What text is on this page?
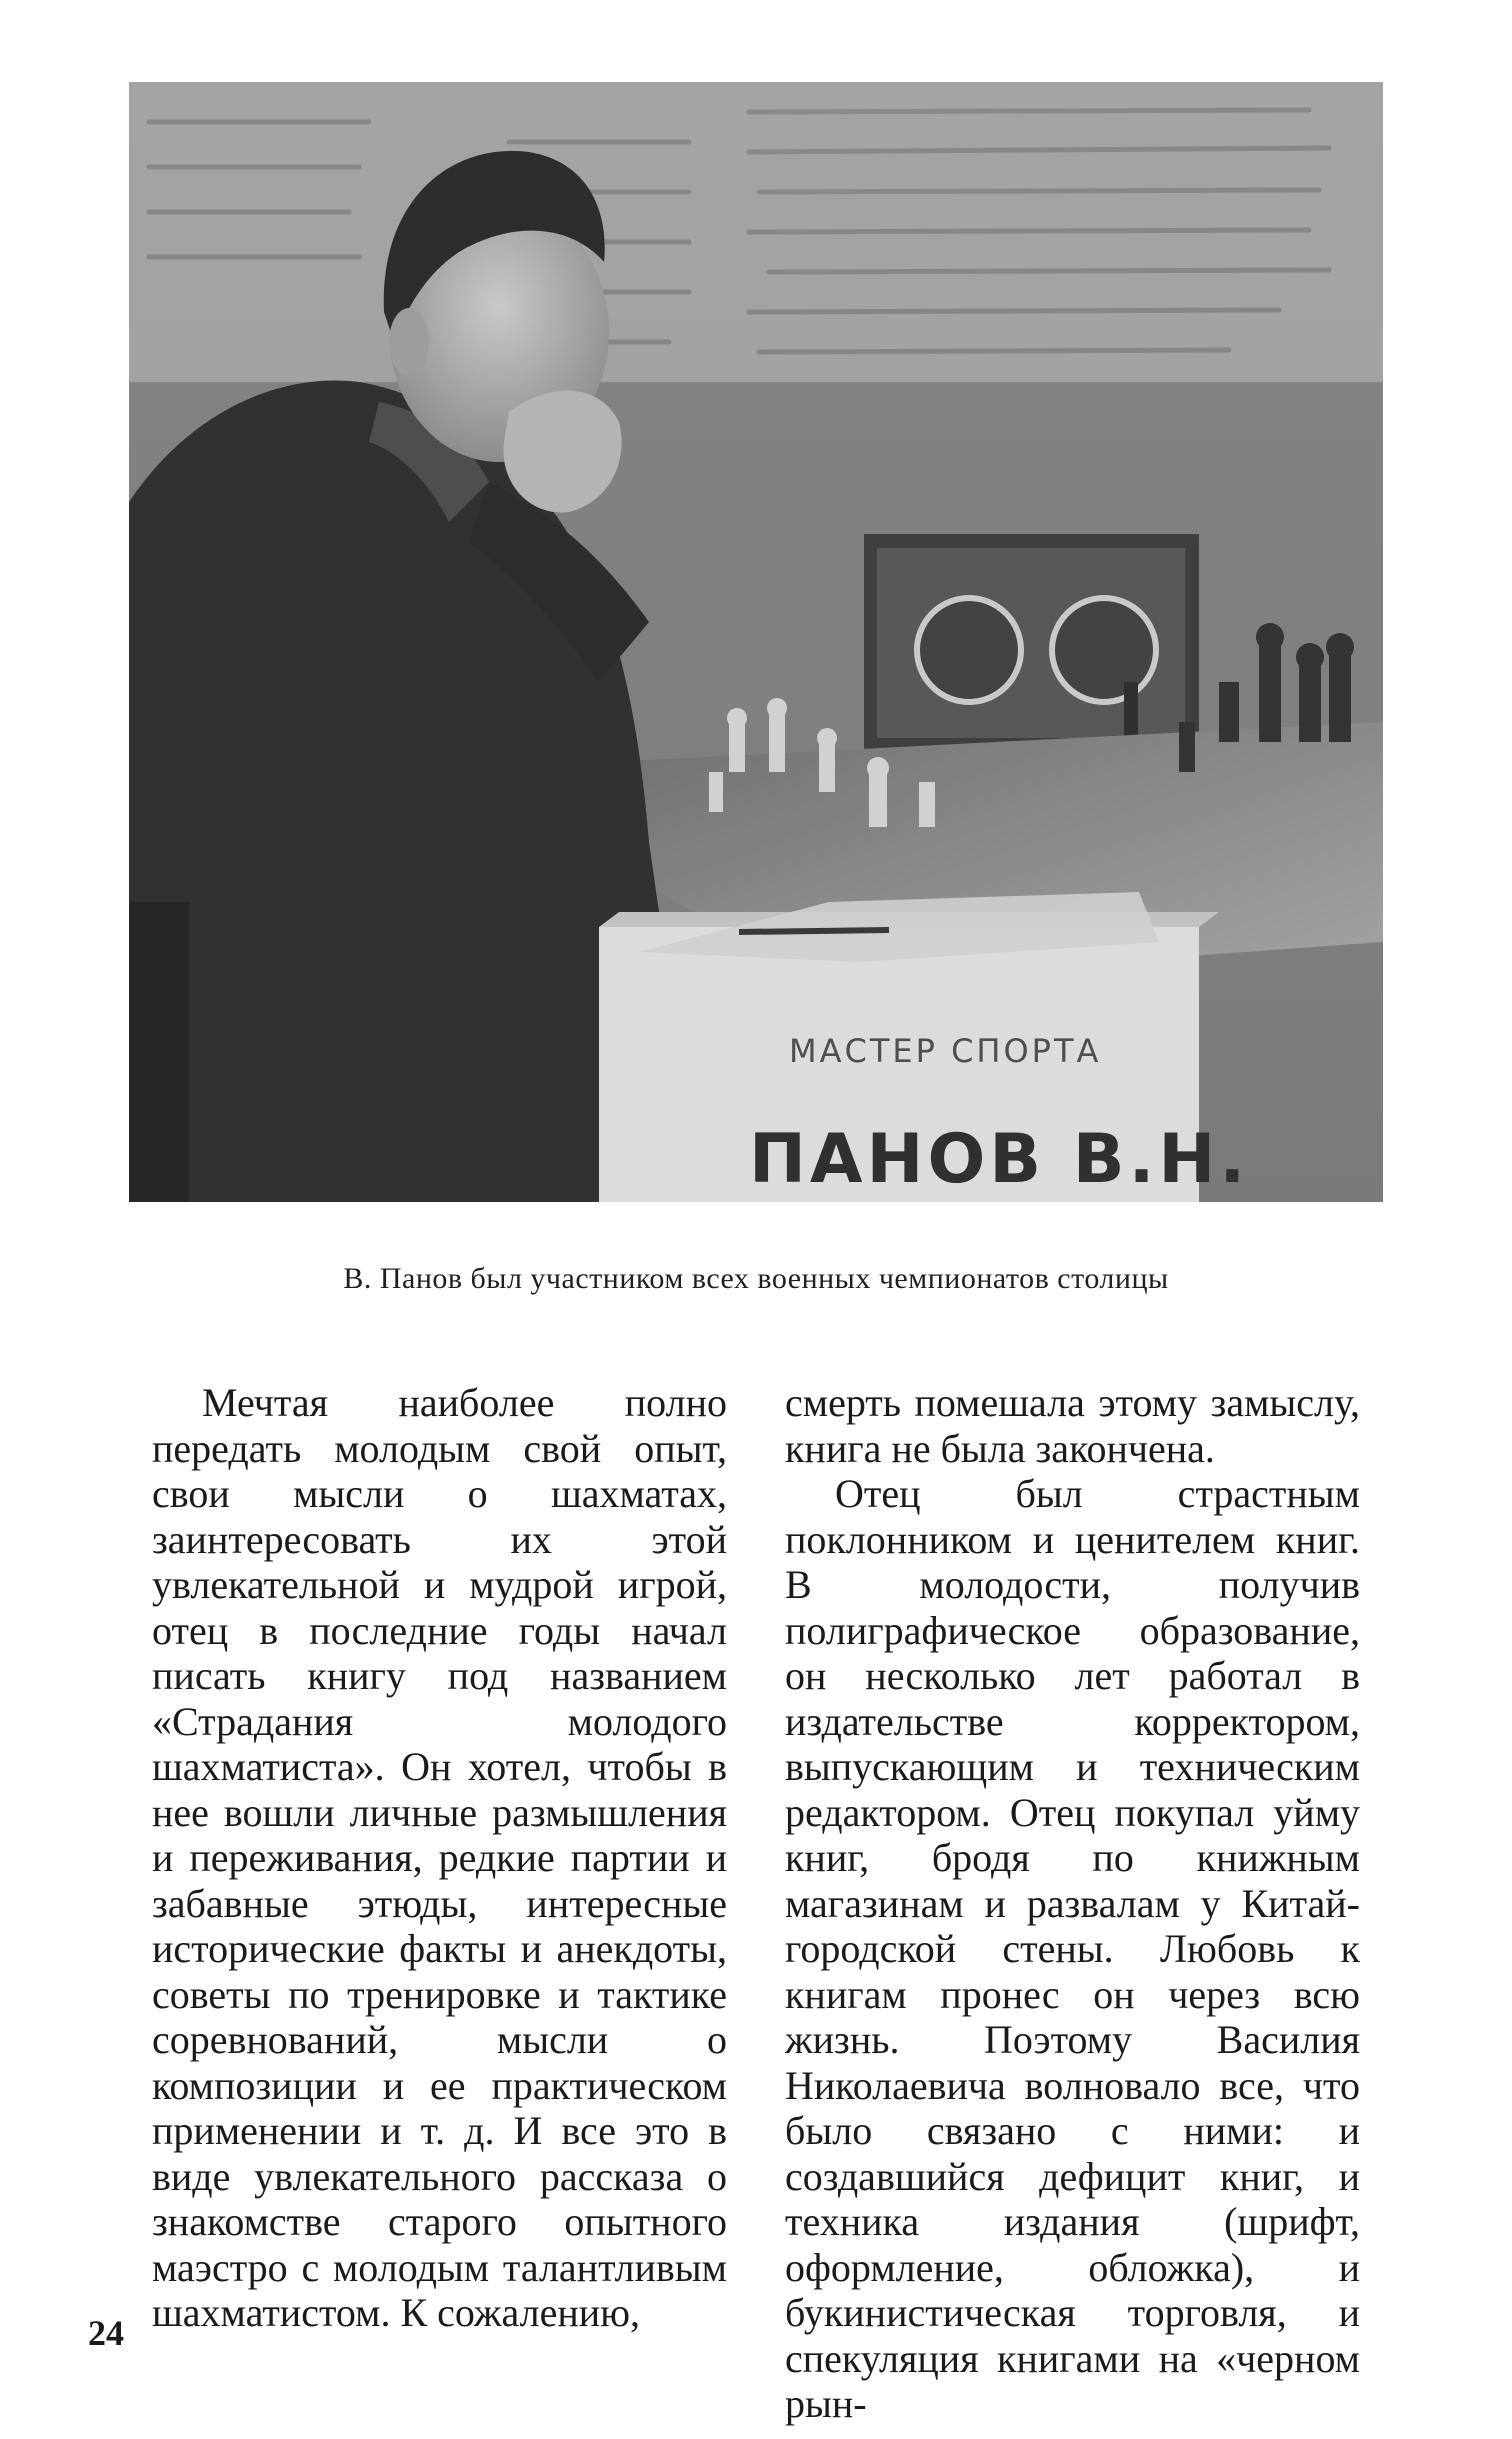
МАСТЕР СПОРТА
ПАНОВ В.Н.
В. Панов был участником всех военных чемпионатов столицы

Мечтая наиболее полно передать молодым свой опыт, свои мысли о шахматах, заинтересовать их этой увлекательной и мудрой игрой, отец в последние годы начал писать книгу под названием «Страдания молодого шахматиста». Он хотел, чтобы в нее вошли личные размышления и переживания, редкие партии и забавные этюды, интересные исторические факты и анекдоты, советы по тренировке и тактике соревнований, мысли о композиции и ее практическом применении и т. д. И все это в виде увлекательного рассказа о знакомстве старого опытного маэстро с молодым талантливым шахматистом. К сожалению,

смерть помешала этому замыслу, книга не была закончена.

Отец был страстным поклонником и ценителем книг. В молодости, получив полиграфическое образование, он несколько лет работал в издательстве корректором, выпускающим и техническим редактором. Отец покупал уйму книг, бродя по книжным магазинам и развалам у Китай-городской стены. Любовь к книгам пронес он через всю жизнь. Поэтому Василия Николаевича волновало все, что было связано с ними: и создавшийся дефицит книг, и техника издания (шрифт, оформление, обложка), и букинистическая торговля, и спекуляция книгами на «черном рын-

24
